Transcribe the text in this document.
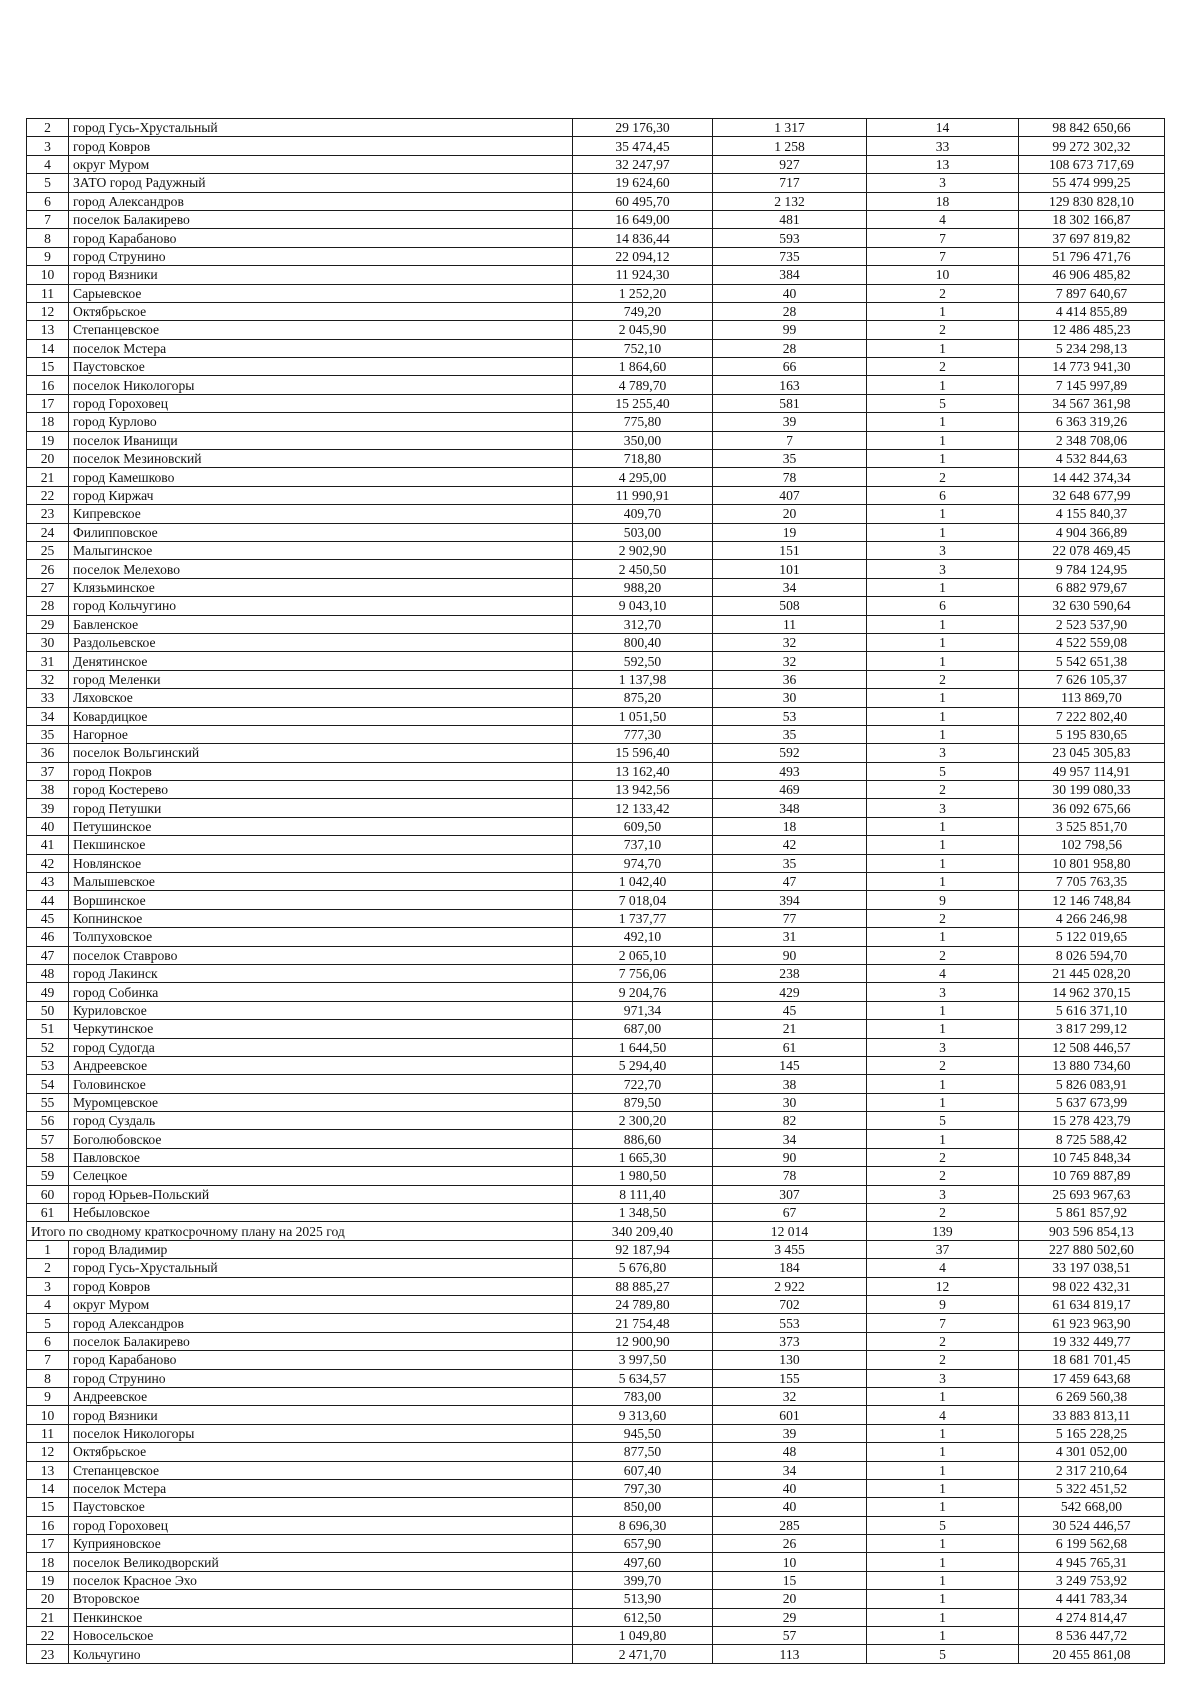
2	город Гусь-Хрустальный	29 176,30	1 317	14	98 842 650,66
3	город Ковров	35 474,45	1 258	33	99 272 302,32
4	округ Муром	32 247,97	927	13	108 673 717,69
5	ЗАТО город Радужный	19 624,60	717	3	55 474 999,25
6	город Александров	60 495,70	2 132	18	129 830 828,10
7	поселок Балакирево	16 649,00	481	4	18 302 166,87
8	город Карабаново	14 836,44	593	7	37 697 819,82
9	город Струнино	22 094,12	735	7	51 796 471,76
10	город Вязники	11 924,30	384	10	46 906 485,82
11	Сарыевское	1 252,20	40	2	7 897 640,67
12	Октябрьское	749,20	28	1	4 414 855,89
13	Степанцевское	2 045,90	99	2	12 486 485,23
14	поселок Мстера	752,10	28	1	5 234 298,13
15	Паустовское	1 864,60	66	2	14 773 941,30
16	поселок Никологоры	4 789,70	163	1	7 145 997,89
17	город Гороховец	15 255,40	581	5	34 567 361,98
18	город Курлово	775,80	39	1	6 363 319,26
19	поселок Иванищи	350,00	7	1	2 348 708,06
20	поселок Мезиновский	718,80	35	1	4 532 844,63
21	город Камешково	4 295,00	78	2	14 442 374,34
22	город Киржач	11 990,91	407	6	32 648 677,99
23	Кипревское	409,70	20	1	4 155 840,37
24	Филипповское	503,00	19	1	4 904 366,89
25	Малыгинское	2 902,90	151	3	22 078 469,45
26	поселок Мелехово	2 450,50	101	3	9 784 124,95
27	Клязьминское	988,20	34	1	6 882 979,67
28	город Кольчугино	9 043,10	508	6	32 630 590,64
29	Бавленское	312,70	11	1	2 523 537,90
30	Раздольевское	800,40	32	1	4 522 559,08
31	Денятинское	592,50	32	1	5 542 651,38
32	город Меленки	1 137,98	36	2	7 626 105,37
33	Ляховское	875,20	30	1	113 869,70
34	Ковардицкое	1 051,50	53	1	7 222 802,40
35	Нагорное	777,30	35	1	5 195 830,65
36	поселок Вольгинский	15 596,40	592	3	23 045 305,83
37	город Покров	13 162,40	493	5	49 957 114,91
38	город Костерево	13 942,56	469	2	30 199 080,33
39	город Петушки	12 133,42	348	3	36 092 675,66
40	Петушинское	609,50	18	1	3 525 851,70
41	Пекшинское	737,10	42	1	102 798,56
42	Новлянское	974,70	35	1	10 801 958,80
43	Малышевское	1 042,40	47	1	7 705 763,35
44	Воршинское	7 018,04	394	9	12 146 748,84
45	Копнинское	1 737,77	77	2	4 266 246,98
46	Толпуховское	492,10	31	1	5 122 019,65
47	поселок Ставрово	2 065,10	90	2	8 026 594,70
48	город Лакинск	7 756,06	238	4	21 445 028,20
49	город Собинка	9 204,76	429	3	14 962 370,15
50	Куриловское	971,34	45	1	5 616 371,10
51	Черкутинское	687,00	21	1	3 817 299,12
52	город Судогда	1 644,50	61	3	12 508 446,57
53	Андреевское	5 294,40	145	2	13 880 734,60
54	Головинское	722,70	38	1	5 826 083,91
55	Муромцевское	879,50	30	1	5 637 673,99
56	город Суздаль	2 300,20	82	5	15 278 423,79
57	Боголюбовское	886,60	34	1	8 725 588,42
58	Павловское	1 665,30	90	2	10 745 848,34
59	Селецкое	1 980,50	78	2	10 769 887,89
60	город Юрьев-Польский	8 111,40	307	3	25 693 967,63
61	Небыловское	1 348,50	67	2	5 861 857,92
Итого по сводному краткосрочному плану на 2025 год		340 209,40	12 014	139	903 596 854,13
1	город Владимир	92 187,94	3 455	37	227 880 502,60
2	город Гусь-Хрустальный	5 676,80	184	4	33 197 038,51
3	город Ковров	88 885,27	2 922	12	98 022 432,31
4	округ Муром	24 789,80	702	9	61 634 819,17
5	город Александров	21 754,48	553	7	61 923 963,90
6	поселок Балакирево	12 900,90	373	2	19 332 449,77
7	город Карабаново	3 997,50	130	2	18 681 701,45
8	город Струнино	5 634,57	155	3	17 459 643,68
9	Андреевское	783,00	32	1	6 269 560,38
10	город Вязники	9 313,60	601	4	33 883 813,11
11	поселок Никологоры	945,50	39	1	5 165 228,25
12	Октябрьское	877,50	48	1	4 301 052,00
13	Степанцевское	607,40	34	1	2 317 210,64
14	поселок Мстера	797,30	40	1	5 322 451,52
15	Паустовское	850,00	40	1	542 668,00
16	город Гороховец	8 696,30	285	5	30 524 446,57
17	Куприяновское	657,90	26	1	6 199 562,68
18	поселок Великодворский	497,60	10	1	4 945 765,31
19	поселок Красное Эхо	399,70	15	1	3 249 753,92
20	Второвское	513,90	20	1	4 441 783,34
21	Пенкинское	612,50	29	1	4 274 814,47
22	Новосельское	1 049,80	57	1	8 536 447,72
23	Кольчугино	2 471,70	113	5	20 455 861,08
